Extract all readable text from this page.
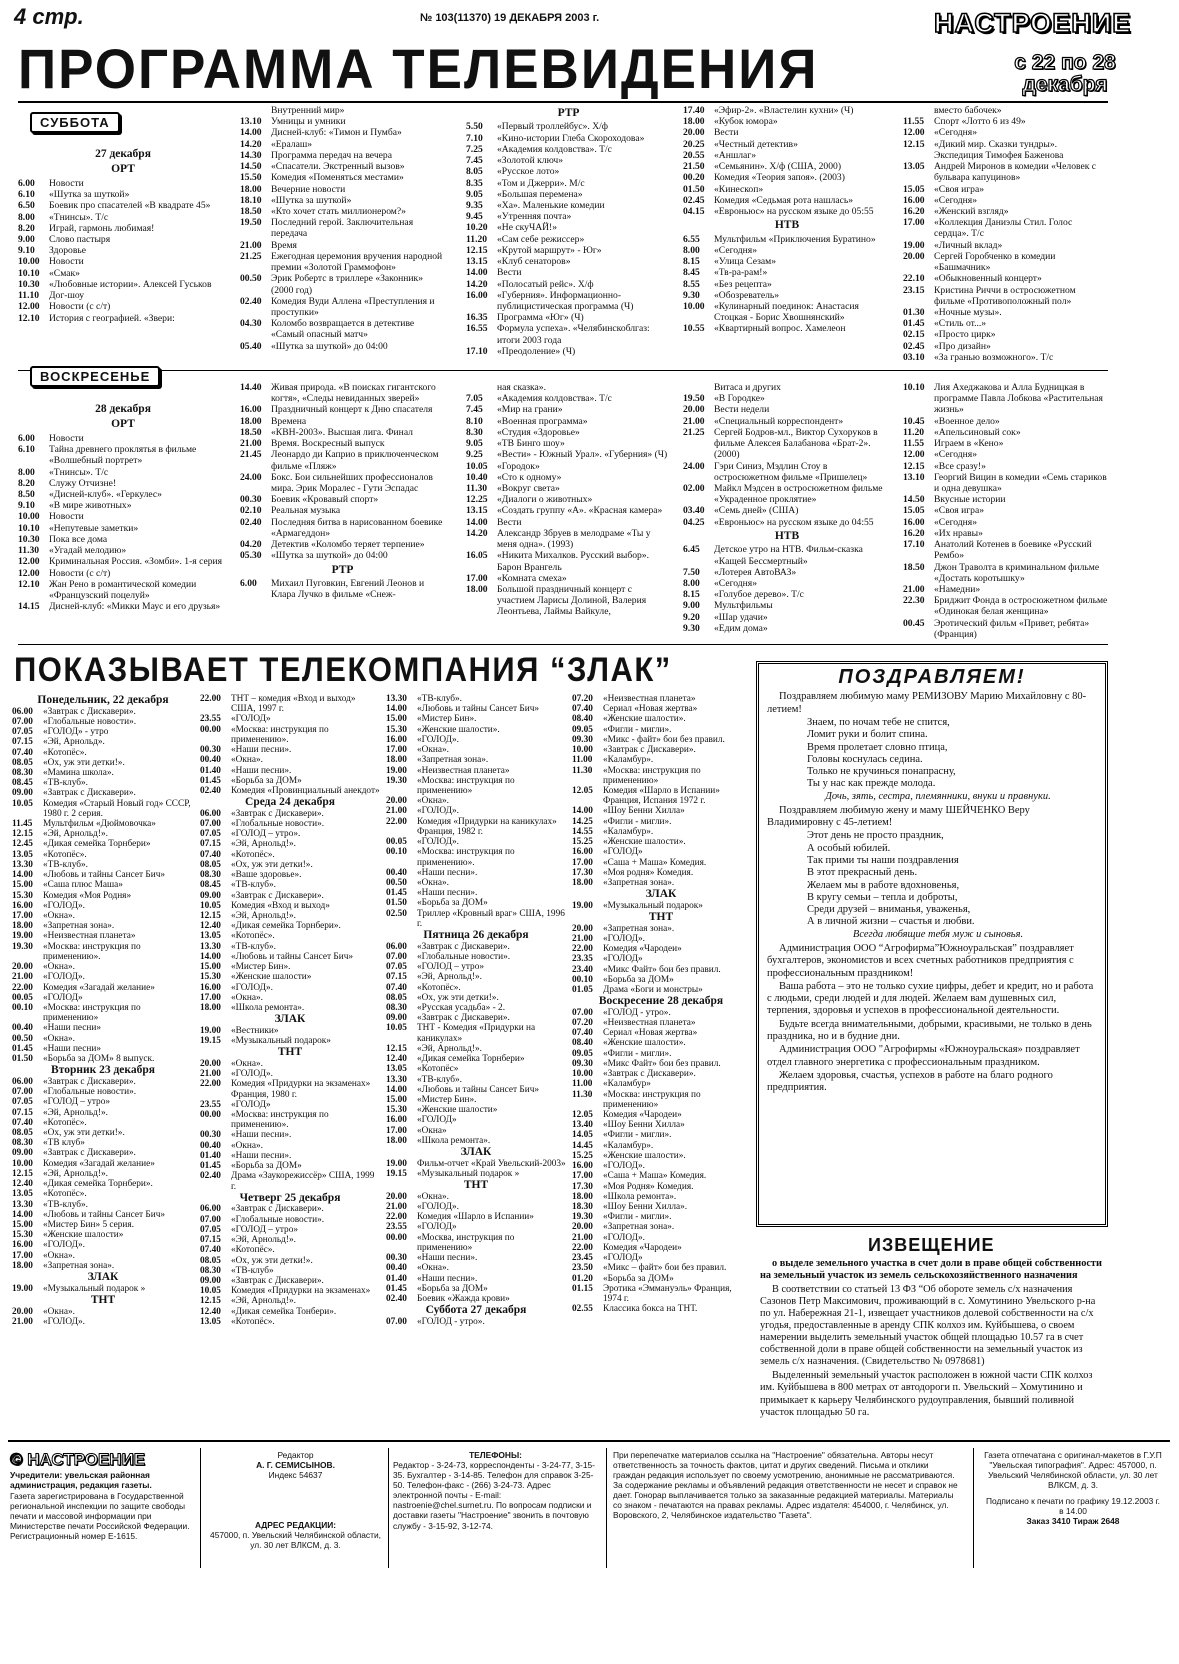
4 стр.	№ 103(11370) 19 ДЕКАБРЯ 2003 г.	НАСТРОЕНИЕ
с 22 по 28
декабря
ПРОГРАММА ТЕЛЕВИДЕНИЯ
СУББОТА
ВОСКРЕСЕНЬЕ
27 декабря
ОРТ
6.00	Новости
6.10	«Шутка за шуткой»
6.50	Боевик про спасателей «В квадрате 45»
8.00	«Тнинсы». Т/с
8.20	Играй, гармонь любимая!
9.00	Слово пастыря
9.10	Здоровье
10.00 Новости
10.10 «Смак»
10.30 «Любовные истории». Алексей Гуськов
11.10	Дог-шоу
12.00 Новости (с с/т)
12.10 История с географией. «Звери:
Внутренний мир»
13.10 Умницы и умники
14.00 Дисней-клуб: «Тимон и Пумба»
14.20 «Ералаш»
14.30 Программа передач на вечера
14.50 «Спасатели. Экстренный вызов»
15.50 Комедия «Поменяться местами»
18.00 Вечерние новости
18.10 «Шутка за шуткой»
18.50 «Кто хочет стать миллионером?»
19.50 Последний герой. Заключительная передача
21.00 Время
21.25 Ежегодная церемония вручения народной премии «Золотой Граммофон»
00.50 Эрик Робертс в триллере «Законник» (2000 год)
02.40 Комедия Вуди Аллена «Преступления и проступки»
04.30 Коломбо возвращается в детективе «Самый опасный матч»
05.40 «Шутка за шуткой» до 04:00
РТР
5.50	«Первый троллейбус». Х/ф
7.10	«Кино-истории Глеба Скороходова»
7.25	«Академия колдовства». Т/с
7.45	«Золотой ключ»
8.05	«Русское лото»
8.35	«Том и Джерри». М/с
9.05	«Большая перемена»
9.35	«Ха». Маленькие комедии
9.45	«Утренняя почта»
10.20 «Не скуЧАЙ!»
11.20	«Сам себе режиссер»
12.15 «Крутой маршрут» - Юг»
13.15 «Клуб сенаторов»
14.00 Вести
14.20 «Полосатый рейс». Х/ф
16.00 «Губерния». Информационно-публицистическая программа (Ч)
16.35 Программа «Юг» (Ч)
16.55 Формула успеха». «Челябинскоблгаз: итоги 2003 года
17.10 «Преодоление» (Ч)
17.40 «Эфир-2». «Властелин кухни» (Ч)
18.00 «Кубок юмора»
20.00 Вести
20.25 «Честный детектив»
20.55 «Аншлаг»
21.50 «Семьянин». Х/ф (США, 2000)
00.20 Комедия «Теория запоя». (2003)
01.50 «Кинескоп»
02.45 Комедия «Седьмая рота нашлась»
04.15 «Евроньюс» на русском языке до 05:55
НТВ
6.55	Мультфильм «Приключения Буратино»
8.00	«Сегодня»
8.15	«Улица Сезам»
8.45	«Тв-ра-рам!»
8.55	«Без рецепта»
9.30	«Обозреватель»
10.00 «Кулинарный поединок: Анастасия Стоцкая - Борис Хвошнянский»
10.55 «Квартирный вопрос. Хамелеон
вместо бабочек»
11.55	Спорт «Лотто 6 из 49»
12.00 «Сегодня»
12.15 «Дикий мир. Сказки тундры». Экспедиция Тимофея Баженова
13.05 Андрей Миронов в комедии «Человек с бульвара капуцинов»
15.05 «Своя игра»
16.00 «Сегодня»
16.20 «Женский взгляд»
17.00 «Коллекция Даниэлы Стил. Голос сердца». Т/с
19.00 «Личный вклад»
20.00 Сергей Горобченко в комедии «Башмачник»
22.10 «Обыкновенный концерт»
23.15 Кристина Риччи в остросюжетном фильме «Противоположный пол»
01.30 «Ночные музы».
01.45 «Стиль от...»
02.15 «Просто цирк»
02.45 «Про дизайн»
03.10 «За гранью возможного». Т/с
28 декабря
ОРТ
6.00	Новости
6.10	Тайна древнего проклятья в фильме «Волшебный портрет»
8.00	«Тнинсы». Т/с
8.20	Служу Отчизне!
8.50	«Дисней-клуб». «Геркулес»
9.10	«В мире животных»
10.00 Новости
10.10 «Непутевые заметки»
10.30 Пока все дома
11.30	«Угадай мелодию»
12.00 Криминальная Россия. «Зомби». 1-я серия
12.00 Новости (с с/т)
12.10 Жан Рено в романтической комедии «Французский поцелуй»
14.15 Дисней-клуб: «Микки Маус и его друзья»
14.40 Живая природа. «В поисках гигантского когтя», «Следы невиданных зверей»
16.00 Праздничный концерт к Дню спасателя
18.00 Времена
18.50 «КВН-2003». Высшая лига. Финал
21.00 Время. Воскресный выпуск
21.45 Леонардо ди Каприо в приключенческом фильме «Пляж»
24.00 Бокс. Бои сильнейших профессионалов мира. Эрик Моралес - Гути Эспадас
00.30 Боевик «Кровавый спорт»
02.10 Реальная музыка
02.40 Последняя битва в нарисованном боевике «Армагеддон»
04.20 Детектив «Коломбо теряет терпение»
05.30 «Шутка за шуткой» до 04:00
РТР
6.00	Михаил Пуговкин, Евгений Леонов и Клара Лучко в фильме «Снеж-
ная сказка».
7.05	«Академия колдовства». Т/с
7.45	«Мир на грани»
8.10	«Военная программа»
8.30	«Студия «Здоровье»
9.05	«ТВ Бинго шоу»
9.25	«Вести» - Южный Урал». «Губерния» (Ч)
10.05 «Городок»
10.40 «Сто к одному»
11.30	«Вокруг света»
12.25 «Диалоги о животных»
13.15 «Создать группу «А». «Красная камера»
14.00 Вести
14.20 Александр Збруев в мелодраме «Ты у меня одна». (1993)
16.05 «Никита Михалков. Русский выбор». Барон Врангель
17.00 «Комната смеха»
18.00 Большой праздничный концерт с участием Ларисы Долиной, Валерия Леонтьева, Лаймы Вайкуле,
Витаса и других
19.50 «В Городке»
20.00 Вести недели
21.00 «Специальный корреспондент»
21.25 Сергей Бодров-мл., Виктор Сухоруков в фильме Алексея Балабанова «Брат-2». (2000)
24.00 Гэри Синиз, Мэдлин Стоу в остросюжетном фильме «Пришелец»
02.00 Майкл Мэдсен в остросюжетном фильме «Украденное проклятие»
03.40 «Семь дней» (США)
04.25 «Евроньюс» на русском языке до 04:55
НТВ
6.45	Детское утро на НТВ. Фильм-сказка «Кащей Бессмертный»
7.50	«Лотерея АвтоВАЗ»
8.00	«Сегодня»
8.15	«Голубое дерево». Т/с
9.00	Мультфильмы
9.20	«Шар удачи»
9.30	«Едим дома»
10.10 Лия Ахеджакова и Алла Будницкая в программе Павла Лобкова «Растительная жизнь»
10.45 «Военное дело»
11.20	«Апельсиновый сок»
11.55	Играем в «Кено»
12.00 «Сегодня»
12.15 «Все сразу!»
13.10 Георгий Вицин в комедии «Семь стариков и одна девушка»
14.50 Вкусные истории
15.05 «Своя игра»
16.00 «Сегодня»
16.20 «Их нравы»
17.10 Анатолий Котенев в боевике «Русский Рембо»
18.50 Джон Траволта в криминальном фильме «Достать коротышку»
21.00 «Намедни»
22.30 Бриджит Фонда в остросюжетном фильме «Одинокая белая женщина»
00.45 Эротический фильм «Привет, ребята» (Франция)
ПОКАЗЫВАЕТ ТЕЛЕКОМПАНИЯ “ЗЛАК”
Понедельник, 22 декабря
06.00	«Завтрак с Дискавери».
07.00	«Глобальные новости».
07.05	«ГОЛОД» - утро
07.15	«Эй, Арнольд».
07.40	«Котопёс».
08.05	«Ох, уж эти детки!».
08.30	«Мамина школа».
08.45	«ТВ-клуб».
09.00	«Завтрак с Дискавери».
10.05	Комедия «Старый Новый год» СССР, 1980 г. 2 серия.
11.45	Мультфильм «Дюймовочка»
12.15	«Эй, Арнольд!».
12.45	«Дикая семейка Торнбери»
13.05	«Котопёс».
13.30	«ТВ-клуб».
14.00	«Любовь и тайны Сансет Бич»
15.00	«Саша плюс Маша»
15.30	Комедия «Моя Родня»
16.00	«ГОЛОД».
17.00	«Окна».
18.00	«Запретная зона».
19.00	«Неизвестная планета»
19.30	«Москва: инструкция по применению».
20.00	«Окна».
21.00	«ГОЛОД».
22.00	Комедия «Загадай желание»
00.05	«ГОЛОД»
00.10	«Москва: инструкция по применению»
00.40	«Наши песни»
00.50	«Окна».
01.45	«Наши песни»
01.50	«Борьба за ДОМ» 8 выпуск.
Вторник 23 декабря
06.00	«Завтрак с Дискавери».
07.00	«Глобальные новости».
07.05	«ГОЛОД – утро»
07.15	«Эй, Арнольд!».
07.40	«Котопёс».
08.05	«Ох, уж эти детки!».
08.30	«ТВ клуб»
09.00	«Завтрак с Дискавери».
10.00	Комедия «Загадай желание»
12.15	«Эй, Арнольд!».
12.40	«Дикая семейка Торнбери».
13.05	«Котопёс».
13.30	«ТВ-клуб».
14.00	«Любовь и тайны Сансет Бич»
15.00	«Мистер Бин» 5 серия.
15.30	«Женские шалости»
16.00	«ГОЛОД».
17.00	«Окна».
18.00	«Запретная зона».
ЗЛАК
19.00	«Музыкальный подарок »
ТНТ
20.00	«Окна».
21.00	«ГОЛОД».
22.00	ТНТ – комедия «Вход и выход» США, 1997 г.
23.55	«ГОЛОД»
00.00	«Москва: инструкция по применению».
00.30	«Наши песни».
00.40	«Окна».
01.40	«Наши песни».
01.45	«Борьба за ДОМ»
02.40	Комедия «Провинциальный анекдот»
Среда 24 декабря
06.00	«Завтрак с Дискавери».
07.00	«Глобальные новости».
07.05	«ГОЛОД – утро».
07.15	«Эй, Арнольд!».
07.40	«Котопёс».
08.05	«Ох, уж эти детки!».
08.30	«Ваше здоровье».
08.45	«ТВ-клуб».
09.00	«Завтрак с Дискавери».
10.05	Комедия «Вход и выход»
12.15	«Эй, Арнольд!».
12.40	«Дикая семейка Торнбери».
13.05	«Котопёс».
13.30	«ТВ-клуб».
14.00	«Любовь и тайны Сансет Бич»
15.00	«Мистер Бин».
15.30	«Женские шалости»
16.00	«ГОЛОД».
17.00	«Окна».
18.00	«Школа ремонта».
ЗЛАК
19.00	«Вестники»
19.15	«Музыкальный подарок»
ТНТ
20.00	«Окна».
21.00	«ГОЛОД».
22.00	Комедия «Придурки на экзаменах» Франция, 1980 г.
23.55	«ГОЛОД»
00.00	«Москва: инструкция по применению».
00.30	«Наши песни».
00.40	«Окна».
01.40	«Наши песни».
01.45	«Борьба за ДОМ»
02.40	Драма «Заукорежиссёр» США, 1999 г.
Четверг 25 декабря
06.00	«Завтрак с Дискавери».
07.00	«Глобальные новости».
07.05	«ГОЛОД – утро»
07.15	«Эй, Арнольд!».
07.40	«Котопёс».
08.05	«Ох, уж эти детки!».
08.30	«ТВ-клуб»
09.00	«Завтрак с Дискавери».
10.05	Комедия «Придурки на экзаменах»
12.15	«Эй, Арнольд!».
12.40	«Дикая семейка Тонбери».
13.05	«Котопёс».
13.30	«ТВ-клуб».
14.00	«Любовь и тайны Сансет Бич»
15.00	«Мистер Бин».
15.30	«Женские шалости».
16.00	«ГОЛОД».
17.00	«Окна».
18.00	«Запретная зона».
19.00	«Неизвестная планета»
19.30	«Москва: инструкция по применению»
20.00	«Окна».
21.00	«ГОЛОД».
22.00	Комедия «Придурки на каникулах» Франция, 1982 г.
00.05	«ГОЛОД».
00.10	«Москва: инструкция по применению».
00.40	«Наши песни».
00.50	«Окна».
01.45	«Наши песни».
01.50	«Борьба за ДОМ»
02.50	Триллер «Кровный враг» США, 1996 г.
Пятница 26 декабря
06.00	«Завтрак с Дискавери».
07.00	«Глобальные новости».
07.05	«ГОЛОД – утро»
07.15	«Эй, Арнольд!».
07.40	«Котопёс».
08.05	«Ох, уж эти детки!».
08.30	«Русская усадьба» - 2.
09.00	«Завтрак с Дискавери».
10.05	ТНТ - Комедия «Придурки на каникулах»
12.15	«Эй, Арнольд!».
12.40	«Дикая семейка Торнбери»
13.05	«Котопёс»
13.30	«ТВ-клуб».
14.00	«Любовь и тайны Сансет Бич»
15.00	«Мистер Бин».
15.30	«Женские шалости»
16.00	«ГОЛОД»
17.00	«Окна»
18.00	«Школа ремонта».
ЗЛАК
19.00	Фильм-отчет «Край Увельский-2003»
19.15	«Музыкальный подарок »
ТНТ
20.00	«Окна».
21.00	«ГОЛОД».
22.00	Комедия «Шарло в Испании»
23.55	«ГОЛОД»
00.00	«Москва, инструкция по применению»
00.30	«Наши песни».
00.40	«Окна».
01.40	«Наши песни».
01.45	«Борьба за ДОМ»
02.40	Боевик «Жажда крови»
Суббота 27 декабря
07.00	«ГОЛОД - утро».
07.20	«Неизвестная планета»
07.40	Сериал «Новая жертва»
08.40	«Женские шалости».
09.05	«Фигли - мигли».
09.30	«Микс - файт» бои без правил.
10.00	«Завтрак с Дискавери».
11.00	«Каламбур».
11.30	«Москва: инструкция по применению»
12.05	Комедия «Шарло в Испании» Франция, Испания 1972 г.
14.00	«Шоу Бенни Хилла»
14.25	«Фигли - мигли».
14.55	«Каламбур».
15.25	«Женские шалости».
16.00	«ГОЛОД»
17.00	«Саша + Маша» Комедия.
17.30	«Моя родня» Комедия.
18.00	«Запретная зона».
ЗЛАК
19.00	«Музыкальный подарок»
ТНТ
20.00	«Запретная зона».
21.00	«ГОЛОД».
22.00	Комедия «Чародеи»
23.35	«ГОЛОД»
23.40	«Микс Файт» бои без правил.
00.10	«Борьба за ДОМ»
01.05	Драма «Боги и монстры»
Воскресение 28 декабря
07.00	«ГОЛОД - утро».
07.20	«Неизвестная планета»
07.40	Сериал «Новая жертва»
08.40	«Женские шалости».
09.05	«Фигли - мигли».
09.30	«Микс Файт» бои без правил.
10.00	«Завтрак с Дискавери».
11.00	«Каламбур»
11.30	«Москва: инструкция по применению»
12.05	Комедия «Чародеи»
13.40	«Шоу Бенни Хилла»
14.05	«Фигли - мигли».
14.45	«Каламбур».
15.25	«Женские шалости».
16.00	«ГОЛОД».
17.00	«Саша + Маша» Комедия.
17.30	«Моя Родня» Комедия.
18.00	«Школа ремонта».
18.30	«Шоу Бенни Хилла».
19.30	«Фигли - мигли».
20.00	«Запретная зона».
21.00	«ГОЛОД».
22.00	Комедия «Чародеи»
23.45	«ГОЛОД»
23.50	«Микс – файт» бои без правил.
01.20	«Борьба за ДОМ»
01.15	Эротика «Эммануэль» Франция, 1974 г.
02.55	Классика бокса на ТНТ.
ПОЗДРАВЛЯЕМ!

Поздравляем любимую маму РЕМИЗОВУ Марию Михайловну с 80-летием!

Знаем, по ночам тебе не спится,
Ломит руки и болит спина.
Время пролетает словно птица,
Головы коснулась седина.
Только не кручинься понапрасну,
Ты у нас как прежде молода.

Дочь, зять, сестра, племянники, внуки и правнуки.

Поздравляем любимую жену и маму ШЕЙЧЕНКО Веру Владимировну с 45-летием!

Этот день не просто праздник,
А особый юбилей.
Так прими ты наши поздравления
В этот прекрасный день.
Желаем мы в работе вдохновенья,
В кругу семьи – тепла и доброты,
Среди друзей – вниманья, уваженья,
А в личной жизни – счастья и любви.

Всегда любящие тебя муж и сыновья.

Администрация ООО “Агрофирма”Южноуральская” поздравляет бухгалтеров, экономистов и всех счетных работников предприятия с профессиональным праздником!

Ваша работа – это не только сухие цифры, дебет и кредит, но и работа с людьми, среди людей и для людей. Желаем вам душевных сил, терпения, здоровья и успехов в профессиональной деятельности.

Будьте всегда внимательными, добрыми, красивыми, не только в день праздника, но и в будние дни.

Администрация ООО "Агрофирмы «Южноуральская» поздравляет отдел главного энергетика с профессиональным праздником.

Желаем здоровья, счастья, успехов в работе на благо родного предприятия.

ИЗВЕЩЕНИЕ

о выделе земельного участка в счет доли в праве общей собственности на земельный участок из земель сельскохозяйственного назначения

В соответствии со статьей 13 ФЗ “Об обороте земель с/х назначения Сазонов Петр Максимович, проживающий в с. Хомутинино Увельского р-на по ул. Набережная 21-1, извещает участников долевой собственности на с/х угодья, предоставленные в аренду СПК колхоз им. Куйбышева, о своем намерении выделить земельный участок общей площадью 10.57 га в счет собственной доли в праве общей собственности на земельный участок из земель с/х назначения. (Свидетельство № 0978681)

Выделенный земельный участок расположен в южной части СПК колхоз им. Куйбышева в 800 метрах от автодороги п. Увельский – Хомутинино и примыкает к карьеру Челябинского рудоуправления, бывший поливной участок площадью 50 га.

© НАСТРОЕНИЕ
Учредители: увельская районная администрация, редакция газеты.
Газета зарегистрирована в Государственной региональной инспекции по защите свободы печати и массовой информации при Министерстве печати Российской Федерации. Регистрационный номер Е-1615.
Редактор
А. Г. СЕМИСЫНОВ.
Индекс 54637
АДРЕС РЕДАКЦИИ:
457000, п. Увельский Челябинской области, ул. 30 лет ВЛКСМ, д. 3.
ТЕЛЕФОНЫ:
Редактор - 3-24-73, корреспонденты - 3-24-77, 3-15-35. Бухгалтер - 3-14-85. Телефон для справок 3-25-50. Телефон-факс - (266) 3-24-73. Адрес электронной почты - E-mail: nastroenie@chel.surnet.ru. По вопросам подписки и доставки газеты "Настроение" звонить в почтовую службу - 3-15-92, 3-12-74.
При перепечатке материалов ссылка на "Настроение" обязательна. Авторы несут ответственность за точность фактов, цитат и других сведений. Письма и отклики граждан редакция использует по своему усмотрению, анонимные не рассматриваются. За содержание рекламы и объявлений редакция ответственности не несет и справок не дает. Гонорар выплачивается только за заказанные редакцией материалы. Материалы со знаком - печатаются на правах рекламы. Адрес издателя: 454000, г. Челябинск, ул. Воровского, 2, Челябинское издательство "Газета".
Газета отпечатана с оригинал-макетов в Г.У.П "Увельская типография". Адрес: 457000, п. Увельский Челябинской области, ул. 30 лет ВЛКСМ, д. 3.
Подписано к печати по графику 19.12.2003 г. в 14.00
Заказ 3410 Тираж 2648
